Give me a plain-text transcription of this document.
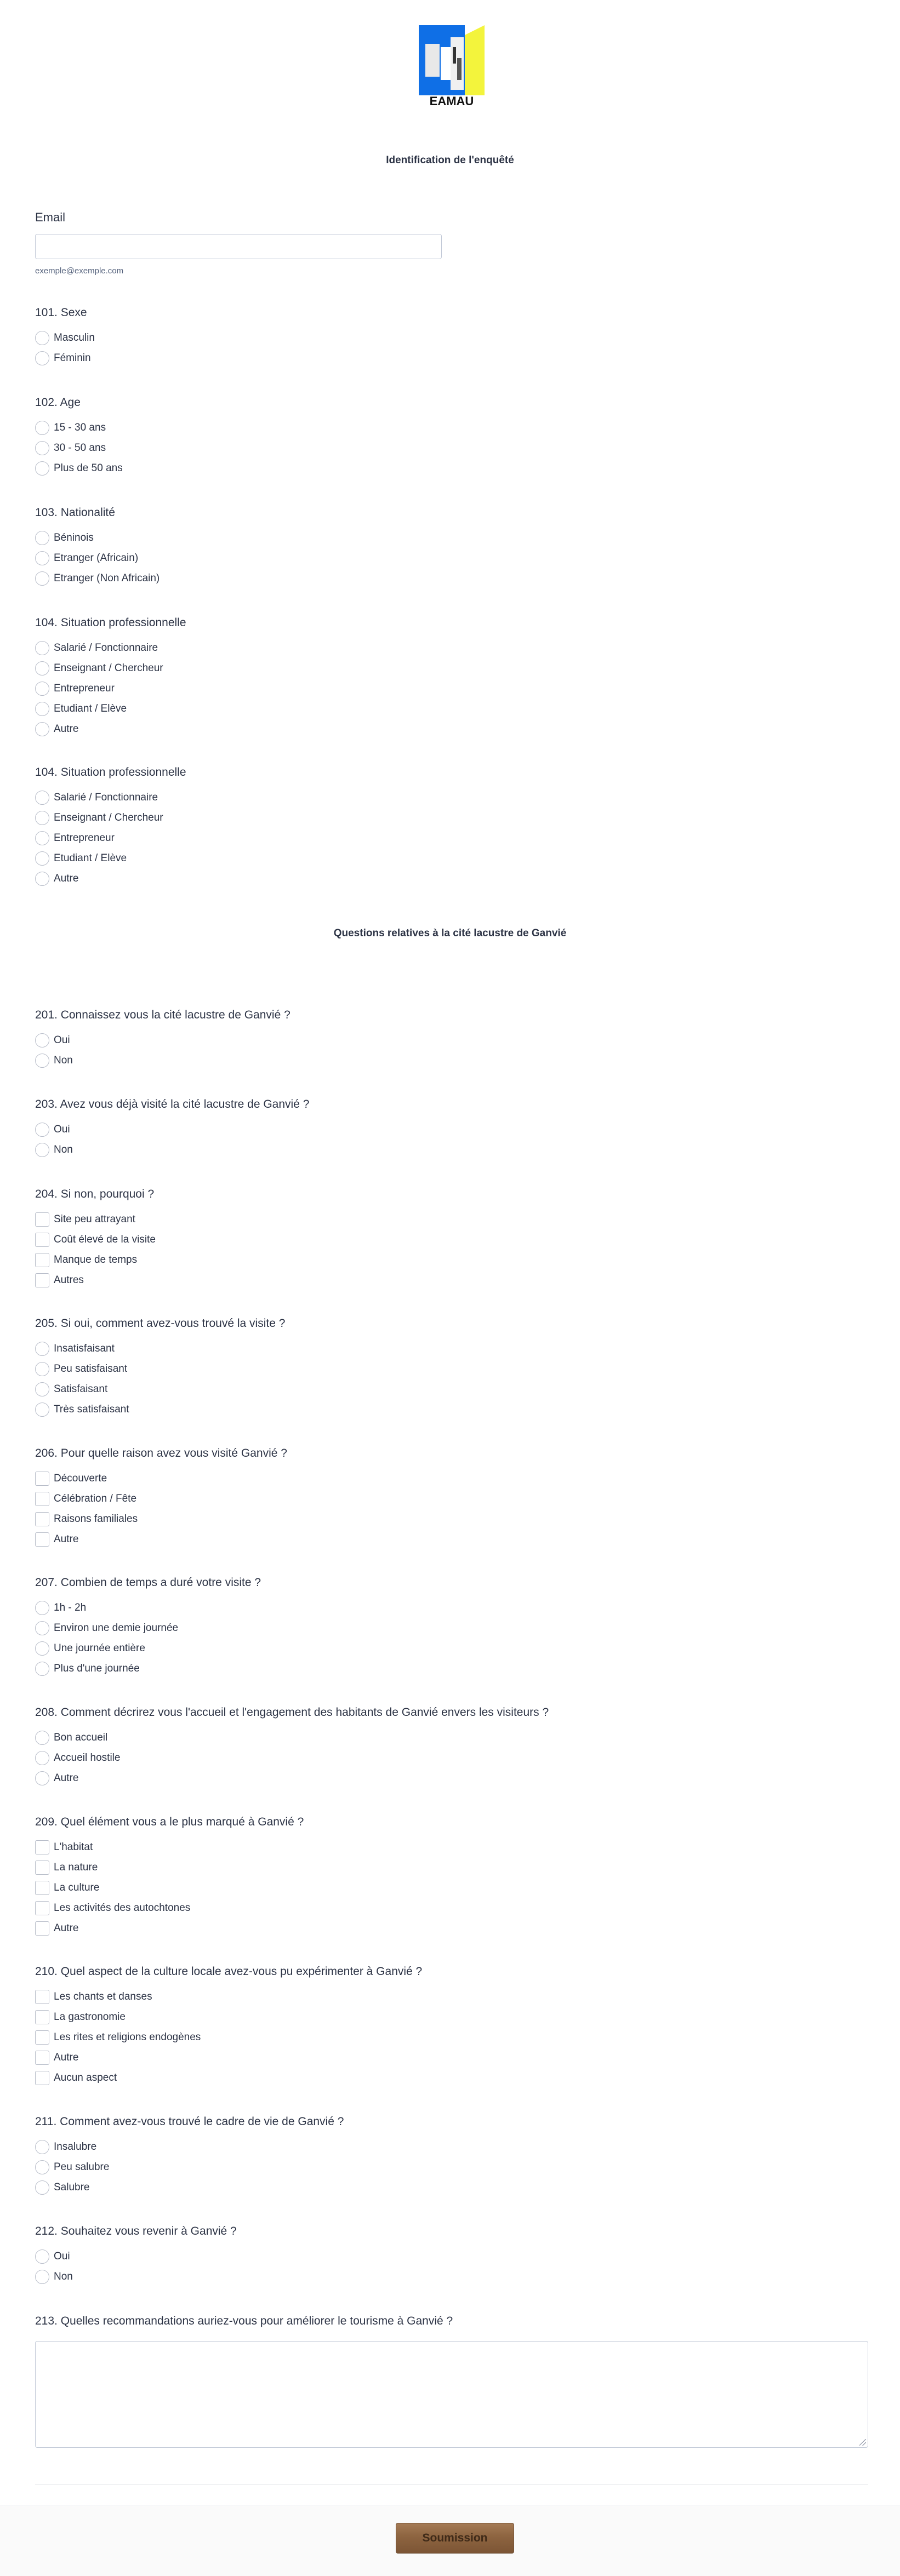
EAMAU
Identification de l'enquêté
Email
exemple@exemple.com
101. Sexe
Masculin
Féminin
102. Age
15 - 30 ans
30 - 50 ans
Plus de 50 ans
103. Nationalité
Béninois
Etranger (Africain)
Etranger (Non Africain)
104. Situation professionnelle
Salarié / Fonctionnaire
Enseignant / Chercheur
Entrepreneur
Etudiant / Elève
Autre
104. Situation professionnelle
Salarié / Fonctionnaire
Enseignant / Chercheur
Entrepreneur
Etudiant / Elève
Autre
Questions relatives à la cité lacustre de Ganvié
201. Connaissez vous la cité lacustre de Ganvié ?
Oui
Non
203. Avez vous déjà visité la cité lacustre de Ganvié ?
Oui
Non
204. Si non, pourquoi ?
Site peu attrayant
Coût élevé de la visite
Manque de temps
Autres
205. Si oui, comment avez-vous trouvé la visite ?
Insatisfaisant
Peu satisfaisant
Satisfaisant
Très satisfaisant
206. Pour quelle raison avez vous visité Ganvié ?
Découverte
Célébration / Fête
Raisons familiales
Autre
207. Combien de temps a duré votre visite ?
1h - 2h
Environ une demie journée
Une journée entière
Plus d'une journée
208. Comment décrirez vous l'accueil et l'engagement des habitants de Ganvié envers les visiteurs ?
Bon accueil
Accueil hostile
Autre
209. Quel élément vous a le plus marqué à Ganvié ?
L'habitat
La nature
La culture
Les activités des autochtones
Autre
210. Quel aspect de la culture locale avez-vous pu expérimenter à Ganvié ?
Les chants et danses
La gastronomie
Les rites et religions endogènes
Autre
Aucun aspect
211. Comment avez-vous trouvé le cadre de vie de Ganvié ?
Insalubre
Peu salubre
Salubre
212. Souhaitez vous revenir à Ganvié ?
Oui
Non
213. Quelles recommandations auriez-vous pour améliorer le tourisme à Ganvié ?
Soumission
